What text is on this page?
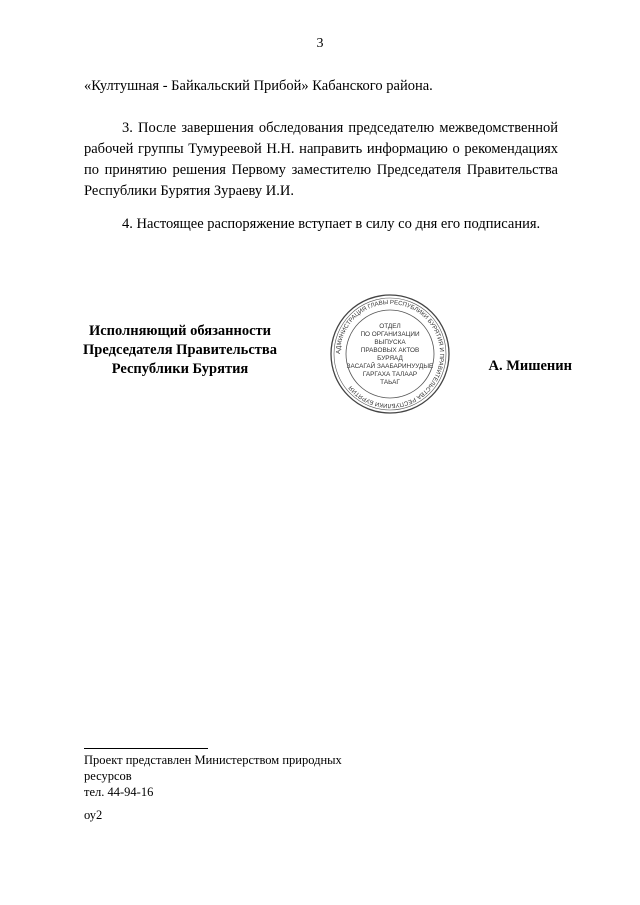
3
«Култушная - Байкальский Прибой» Кабанского района.
3. После завершения обследования председателю межведомственной рабочей группы Тумуреевой Н.Н. направить информацию о рекомендациях по принятию решения Первому заместителю Председателя Правительства Республики Бурятия Зураеву И.И.
4. Настоящее распоряжение вступает в силу со дня его подписания.
Исполняющий обязанности
Председателя Правительства
Республики Бурятия
АДМИНИСТРАЦИЯ ГЛАВЫ РЕСПУБЛИКИ БУРЯТИЯ И ПРАВИТЕЛЬСТВА РЕСПУБЛИКИ БУРЯТИЯ
ОТДЕЛ
ПО ОРГАНИЗАЦИИ
ВЫПУСКА
ПРАВОВЫХ АКТОВ
БУРЯАД
ЗАСАГАЙ ЗААБАРИНУУДЫЕ
ГАРГАХА ТАЛААР
ТАЬАГ
А. Мишенин
Проект представлен Министерством природных
ресурсов
тел. 44-94-16
оу2
